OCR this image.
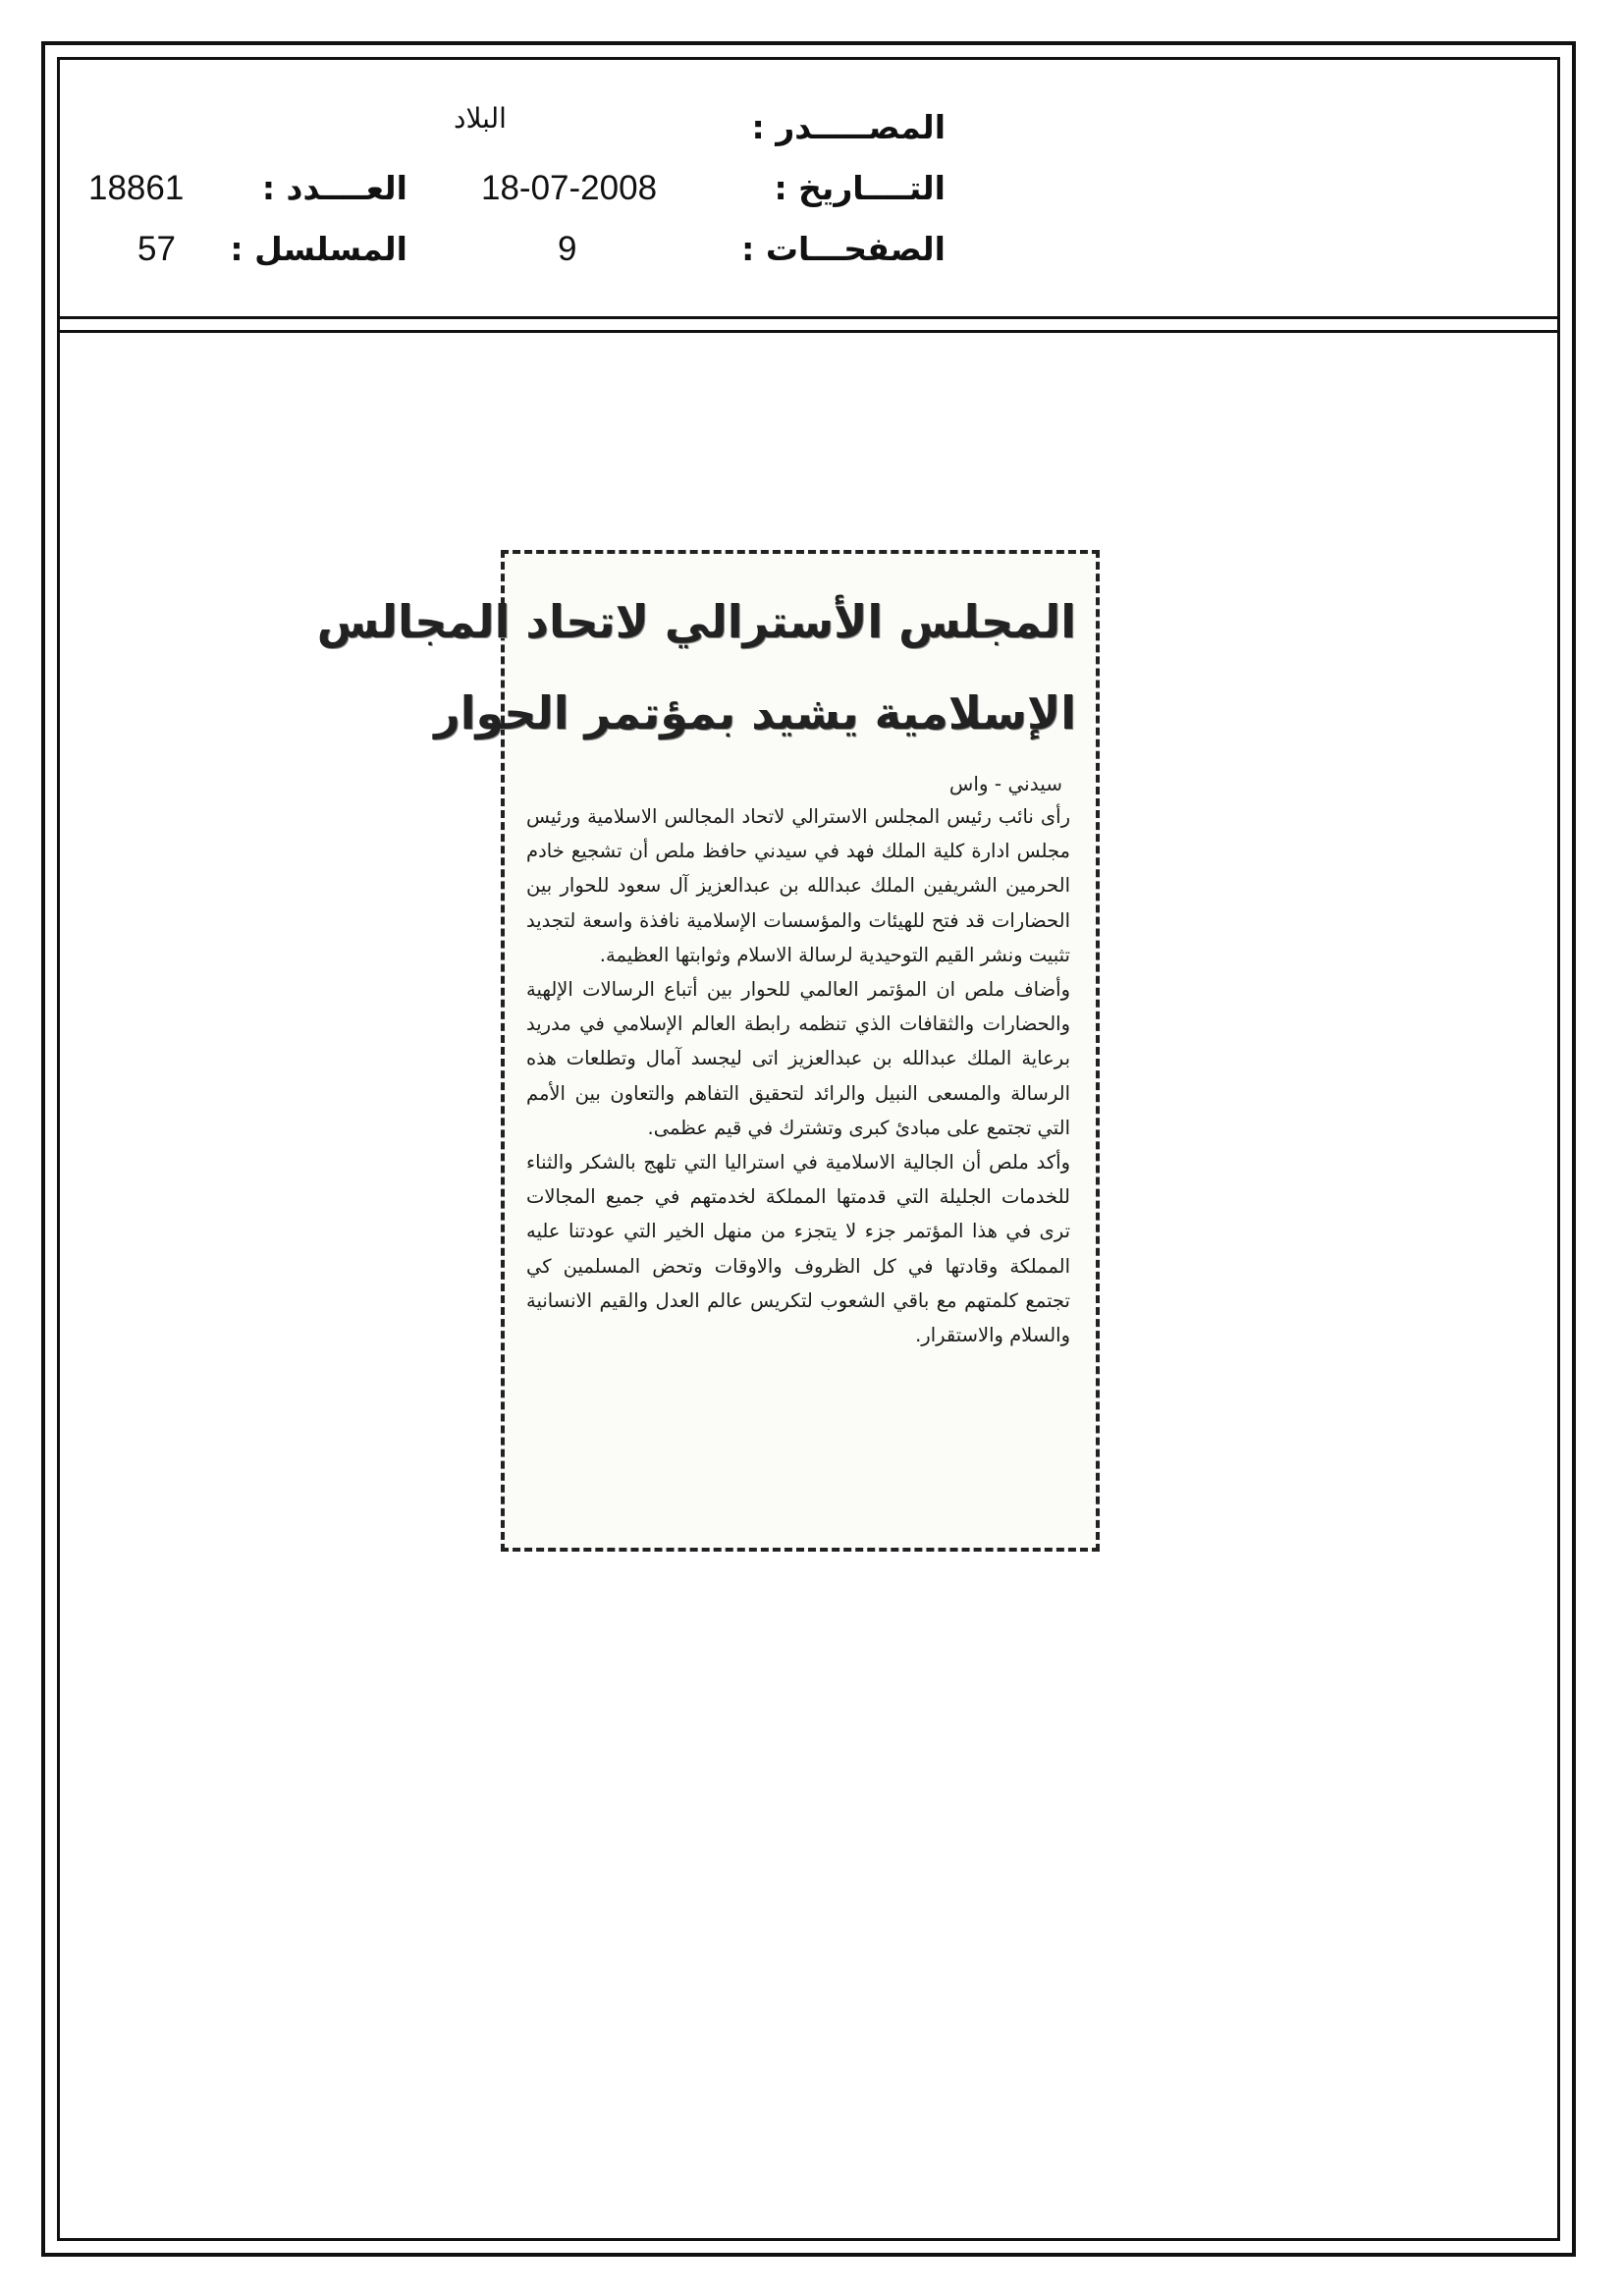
المصـــــدر :
البلاد
التــــاريخ :
18-07-2008
العــــدد :
18861
الصفحـــات :
9
المسلسل :
57
المجلس الأسترالي لاتحاد المجالس
الإسلامية يشيد بمؤتمر الحوار
سيدني - واس

رأى نائب رئيس المجلس الاسترالي لاتحاد المجالس الاسلامية ورئيس مجلس ادارة كلية الملك فهد في سيدني حافظ ملص أن تشجيع خادم الحرمين الشريفين الملك عبدالله بن عبدالعزيز آل سعود للحوار بين الحضارات قد فتح للهيئات والمؤسسات الإسلامية نافذة واسعة لتجديد تثبيت ونشر القيم التوحيدية لرسالة الاسلام وثوابتها العظيمة.

وأضاف ملص ان المؤتمر العالمي للحوار بين أتباع الرسالات الإلهية والحضارات والثقافات الذي تنظمه رابطة العالم الإسلامي في مدريد برعاية الملك عبدالله بن عبدالعزيز اتى ليجسد آمال وتطلعات هذه الرسالة والمسعى النبيل والرائد لتحقيق التفاهم والتعاون بين الأمم التي تجتمع على مبادئ كبرى وتشترك في قيم عظمى.

وأكد ملص أن الجالية الاسلامية في استراليا التي تلهج بالشكر والثناء للخدمات الجليلة التي قدمتها المملكة لخدمتهم في جميع المجالات ترى في هذا المؤتمر جزء لا يتجزء من منهل الخير التي عودتنا عليه المملكة وقادتها في كل الظروف والاوقات وتحض المسلمين كي تجتمع كلمتهم مع باقي الشعوب لتكريس عالم العدل والقيم الانسانية والسلام والاستقرار.
